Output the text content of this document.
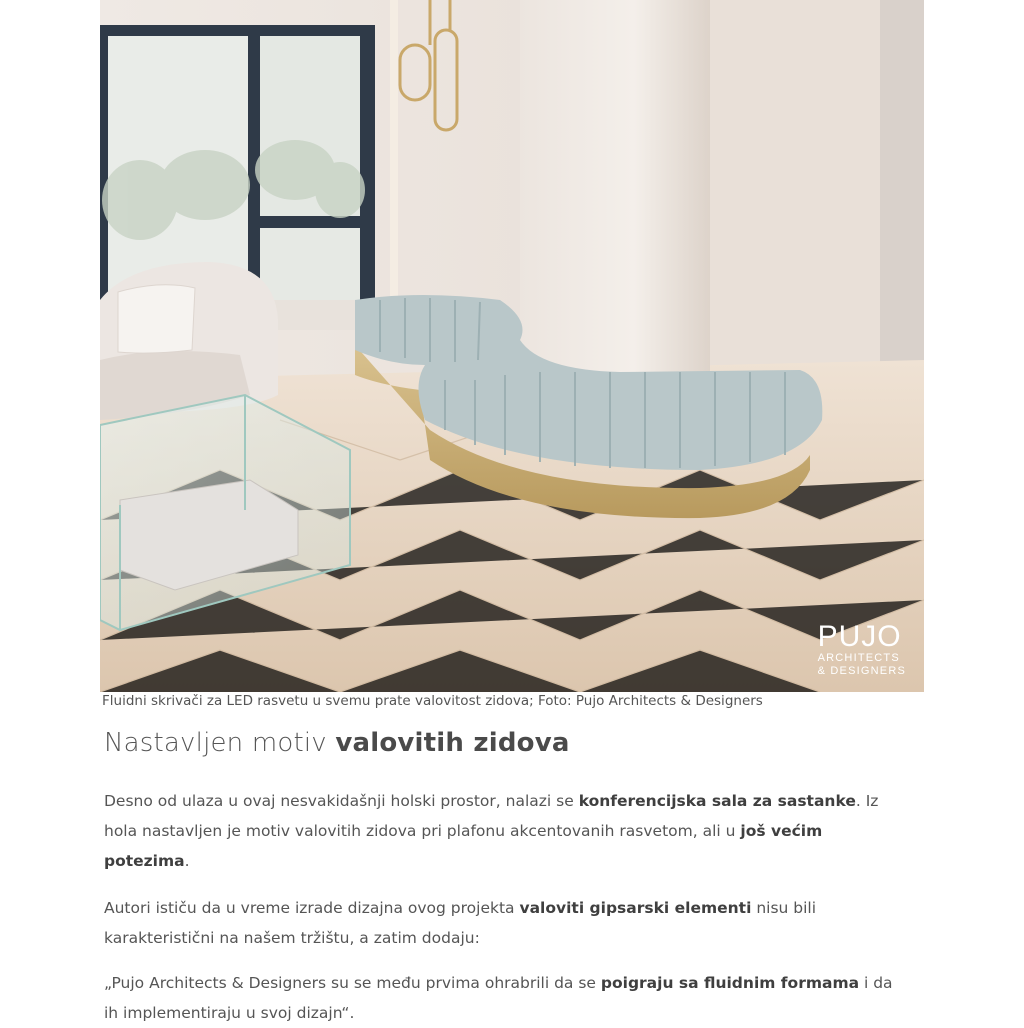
PUJO
ARCHITECTS
& DESIGNERS
Fluidni skrivači za LED rasvetu u svemu prate valovitost zidova; Foto: Pujo Architects & Designers
Nastavljen motiv valovitih zidova

Desno od ulaza u ovaj nesvakidašnji holski prostor, nalazi se konferencijska sala za sastanke. Iz hola nastavljen je motiv valovitih zidova pri plafonu akcentovanih rasvetom, ali u još većim potezima.

Autori ističu da u vreme izrade dizajna ovog projekta valoviti gipsarski elementi nisu bili karakteristični na našem tržištu, a zatim dodaju:

„Pujo Architects & Designers su se među prvima ohrabrili da se poigraju sa fluidnim formama i da ih implementiraju u svoj dizajn“.
